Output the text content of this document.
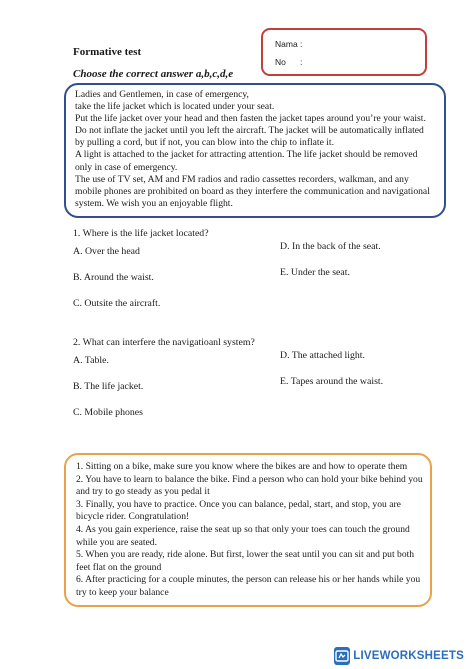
Formative test
Choose the correct answer a,b,c,d,e
Nama :
No      :

Ladies and Gentlemen, in case of emergency,

take the life jacket which is located under your seat.

Put the life jacket over your head and then fasten the jacket tapes around you’re your waist.

Do not inflate the jacket until you left the aircraft. The jacket will be automatically inflated

by pulling a cord, but if not, you can blow into the chip to inflate it.

A light is attached to the jacket for attracting attention. The life jacket should be removed

only in case of emergency.

The use of TV set, AM and FM radios and radio cassettes recorders, walkman, and any

mobile phones are prohibited on board as they interfere the communication and navigational

system. We wish you an enjoyable flight.

1. Where is the life jacket located?
A. Over the head
B. Around the waist.
C. Outsite the aircraft.
D. In the back of the seat.
E. Under the seat.
2. What can interfere the navigatioanl system?
A. Table.
B. The life jacket.
C. Mobile phones
D. The attached light.
E. Tapes around the waist.

1. Sitting on a bike, make sure you know where the bikes are and how to operate them

2. You have to learn to balance the bike. Find a person who can hold your bike behind you

and try to go steady as you pedal it

3. Finally, you have to practice. Once you can balance, pedal, start, and stop, you are

bicycle rider. Congratulation!

4. As you gain experience, raise the seat up so that only your toes can touch the ground

while you are seated.

5. When you are ready, ride alone. But first, lower the seat until you can sit and put both

feet flat on the ground

6. After practicing for a couple minutes, the person can release his or her hands while you

try to keep your balance

LIVEWORKSHEETS
